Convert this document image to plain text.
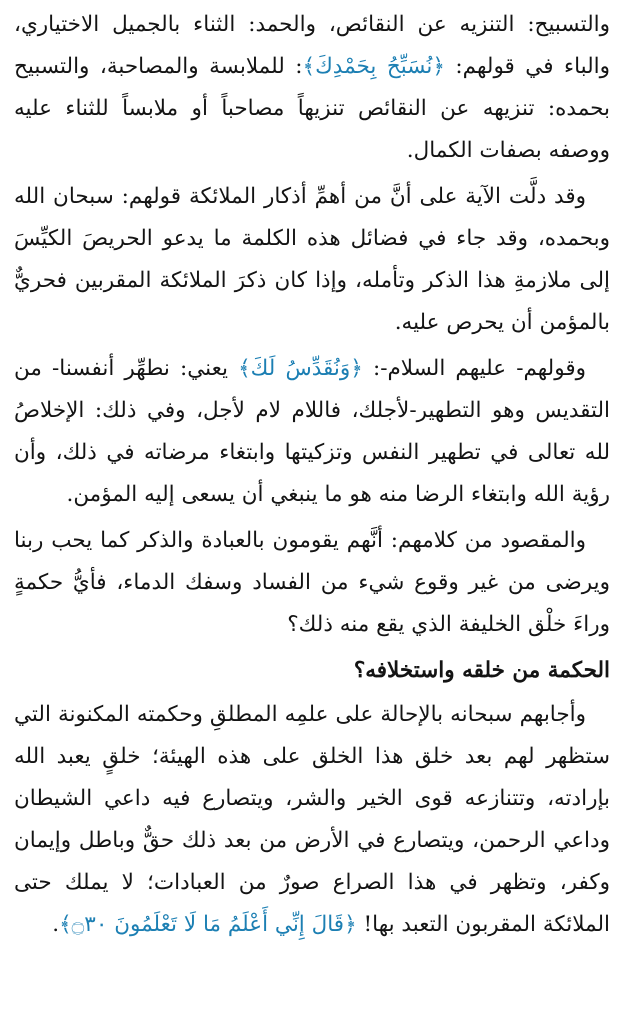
والتسبيح: التنزيه عن النقائص، والحمد: الثناء بالجميل الاختياري، والباء في قولهم: ﴿نُسَبِّحُ بِحَمْدِكَ﴾: للملابسة والمصاحبة، والتسبيح بحمده: تنزيهه عن النقائص تنزيهاً مصاحباً أو ملابساً للثناء عليه ووصفه بصفات الكمال.

وقد دلَّت الآية على أنَّ من أهمِّ أذكار الملائكة قولهم: سبحان الله وبحمده، وقد جاء في فضائل هذه الكلمة ما يدعو الحريصَ الكيِّسَ إلى ملازمةِ هذا الذكر وتأمله، وإذا كان ذكرَ الملائكة المقربين فحريٌّ بالمؤمن أن يحرص عليه.

وقولهم- عليهم السلام-: ﴿وَنُقَدِّسُ لَكَ﴾ يعني: نطهِّر أنفسنا- من التقديس وهو التطهير-لأجلك، فاللام لام لأجل، وفي ذلك: الإخلاصُ لله تعالى في تطهير النفس وتزكيتها وابتغاء مرضاته في ذلك، وأن رؤية الله وابتغاء الرضا منه هو ما ينبغي أن يسعى إليه المؤمن.

والمقصود من كلامهم: أنَّهم يقومون بالعبادة والذكر كما يحب ربنا ويرضى من غير وقوع شيء من الفساد وسفك الدماء، فأيُّ حكمةٍ وراءَ خلْق الخليفة الذي يقع منه ذلك؟

الحكمة من خلقه واستخلافه؟

وأجابهم سبحانه بالإحالة على علمِه المطلقِ وحكمته المكنونة التي ستظهر لهم بعد خلق هذا الخلق على هذه الهيئة؛ خلقٍ يعبد الله بإرادته، وتتنازعه قوى الخير والشر، ويتصارع فيه داعي الشيطان وداعي الرحمن، ويتصارع في الأرض من بعد ذلك حقٌّ وباطل وإيمان وكفر، وتظهر في هذا الصراع صورٌ من العبادات؛ لا يملك حتى الملائكة المقربون التعبد بها! ﴿قَالَ إِنِّي أَعْلَمُ مَا لَا تَعْلَمُونَ ۝٣٠﴾.
